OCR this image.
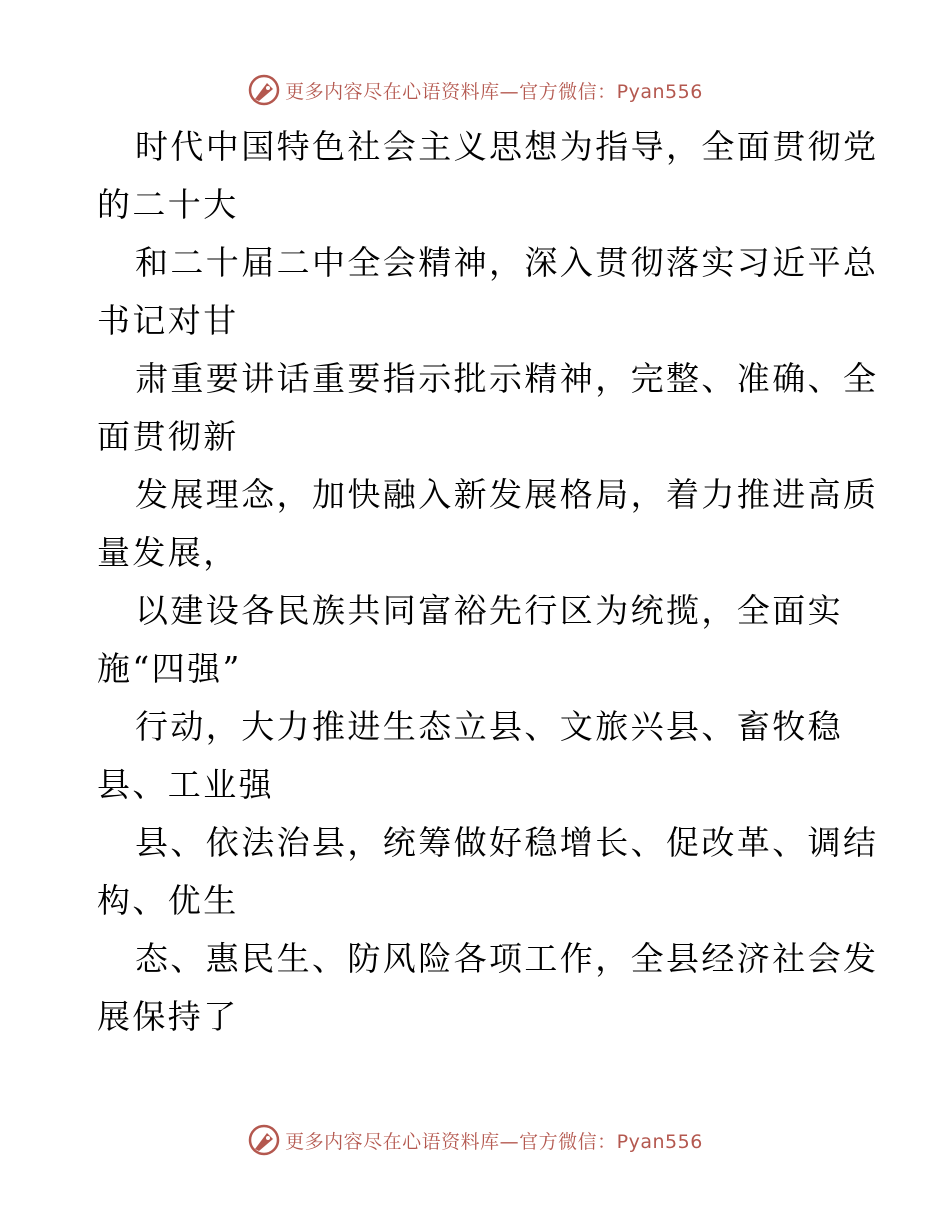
更多内容尽在心语资料库—官方微信：Pyan556
时代中国特色社会主义思想为指导，全面贯彻党
的二十大
和二十届二中全会精神，深入贯彻落实习近平总
书记对甘
肃重要讲话重要指示批示精神，完整、准确、全
面贯彻新
发展理念，加快融入新发展格局，着力推进高质
量发展，
以建设各民族共同富裕先行区为统揽，全面实
施“四强”
行动，大力推进生态立县、文旅兴县、畜牧稳
县、工业强
县、依法治县，统筹做好稳增长、促改革、调结
构、优生
态、惠民生、防风险各项工作，全县经济社会发
展保持了
更多内容尽在心语资料库—官方微信：Pyan556
